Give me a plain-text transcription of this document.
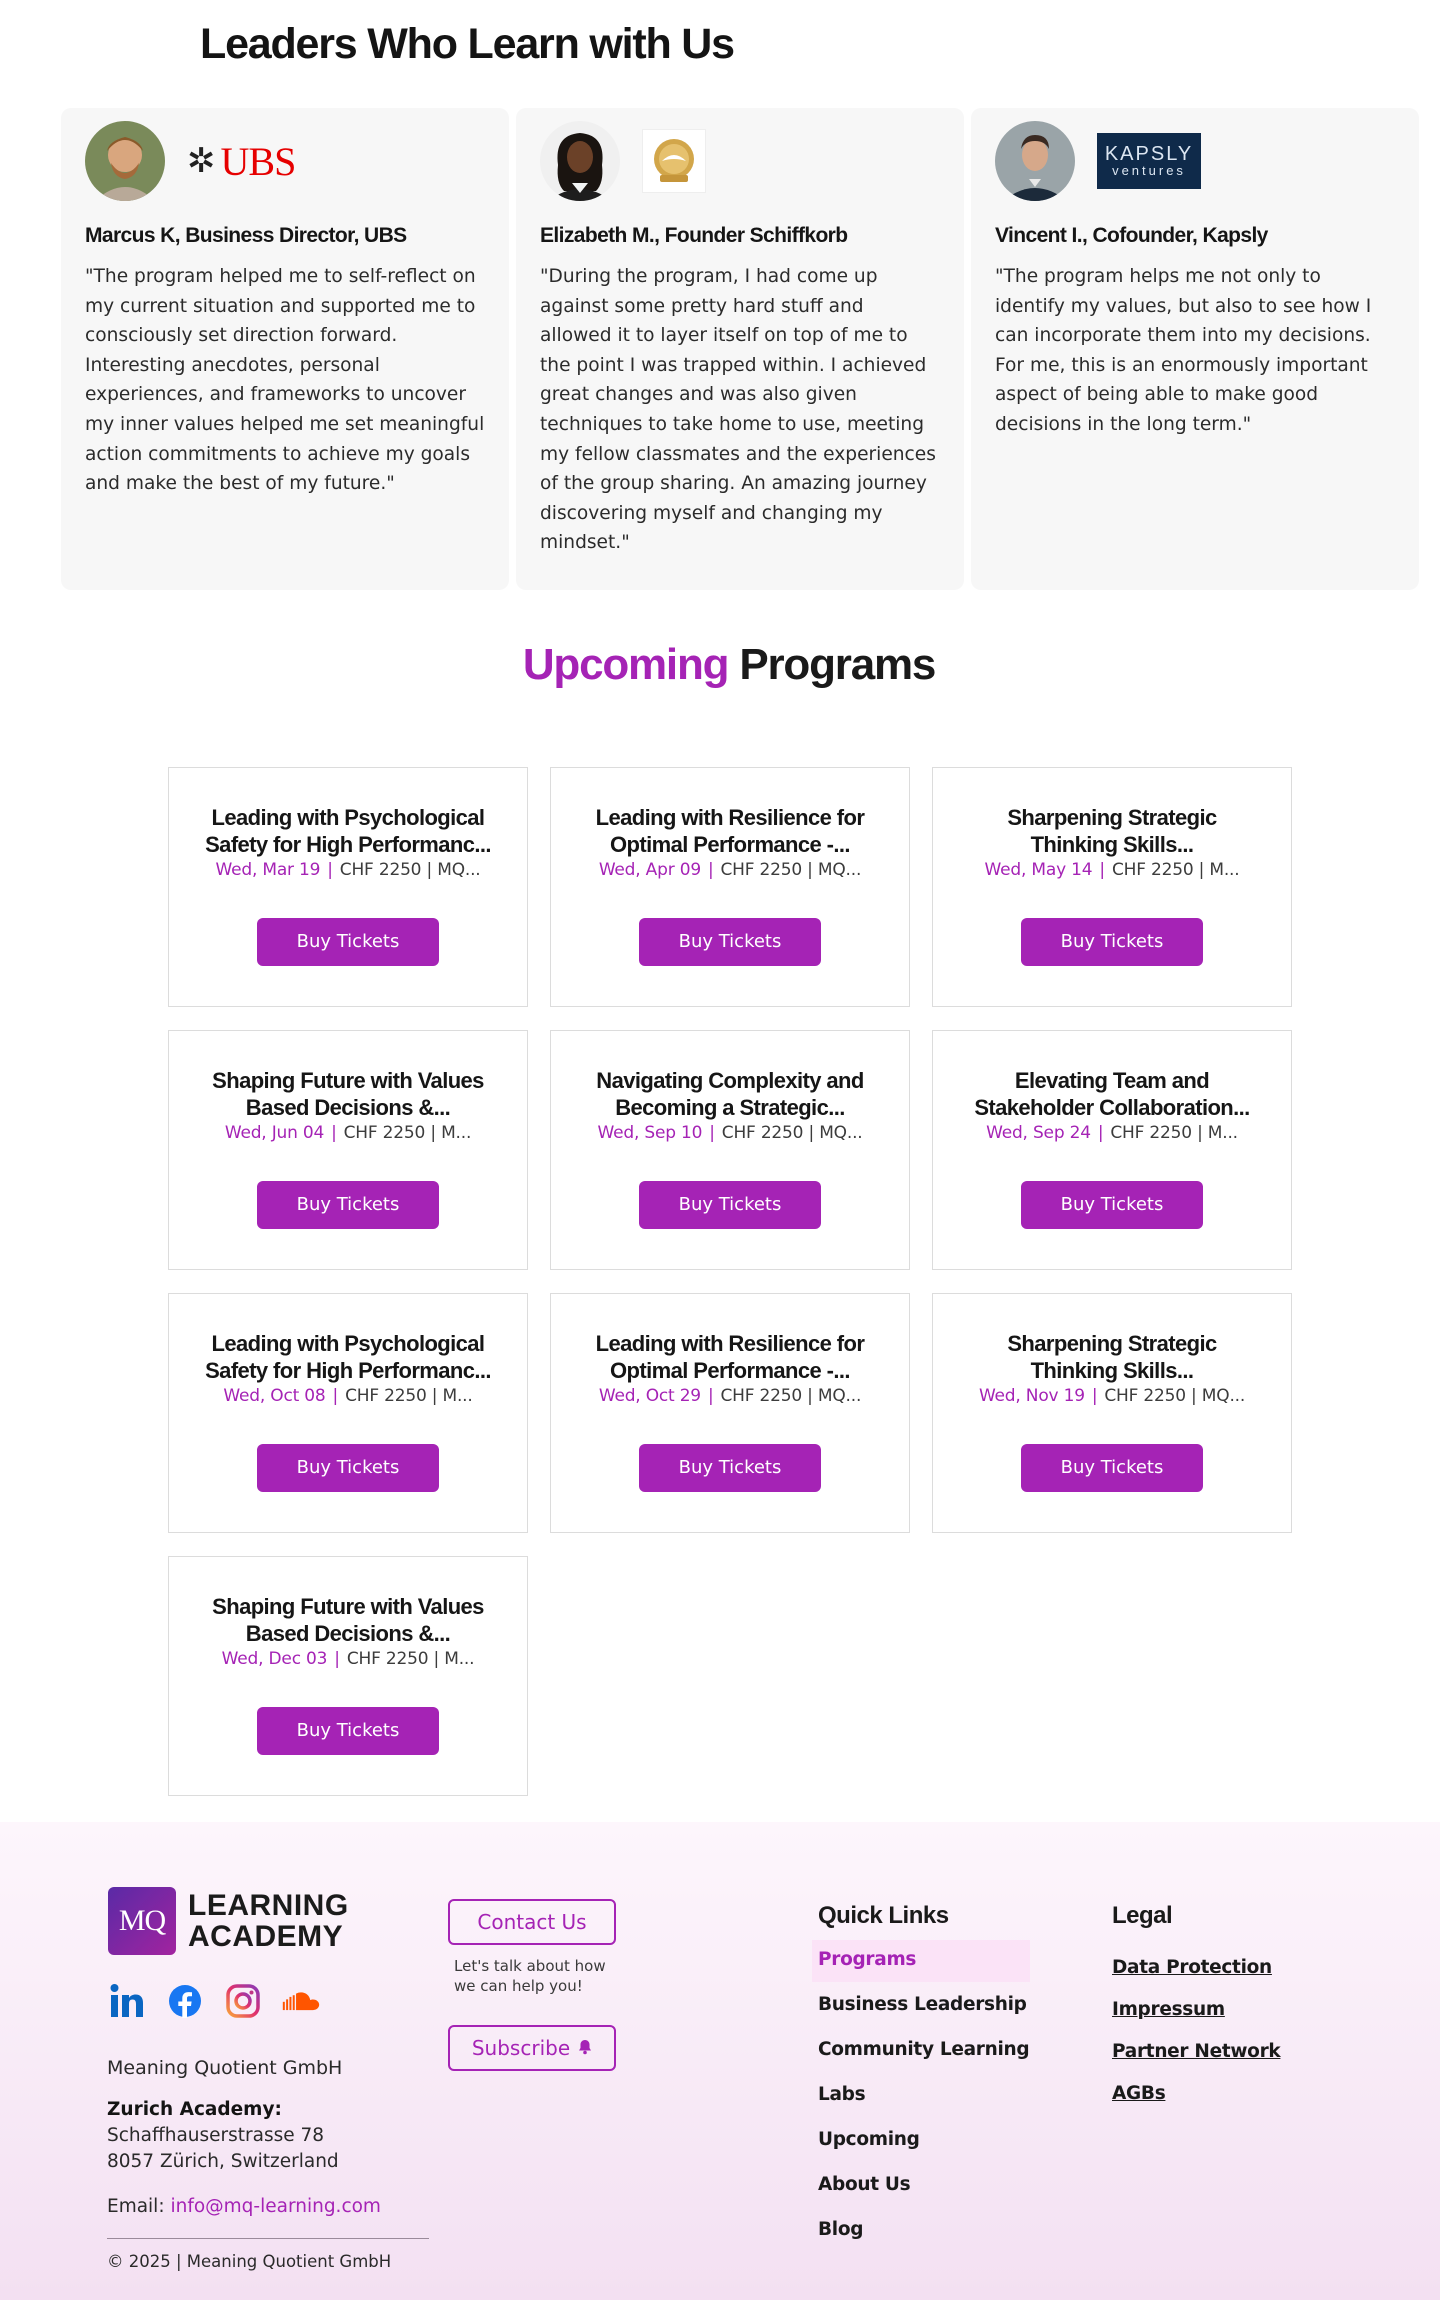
Leaders Who Learn with Us
✲ UBS
Marcus K, Business Director, UBS

"The program helped me to self-reflect on my current situation and supported me to consciously set direction forward. Interesting anecdotes, personal experiences, and frameworks to uncover my inner values helped me set meaningful action commitments to achieve my goals and make the best of my future."

Elizabeth M., Founder Schiffkorb

"During the program, I had come up against some pretty hard stuff and allowed it to layer itself on top of me to the point I was trapped within. I achieved great changes and was also given techniques to take home to use, meeting my fellow classmates and the experiences of the group sharing. An amazing journey discovering myself and changing my mindset."

KAPSLY
ventures
Vincent I., Cofounder, Kapsly

"The program helps me not only to identify my values, but also to see how I can incorporate them into my decisions. For me, this is an enormously important aspect of being able to make good decisions in the long term."

Upcoming Programs
Leading with Psychological
Safety for High Performanc...
Wed, Mar 19 | CHF 2250 | MQ...
Buy Tickets
Leading with Resilience for
Optimal Performance -...
Wed, Apr 09 | CHF 2250 | MQ...
Buy Tickets
Sharpening Strategic
Thinking Skills...
Wed, May 14 | CHF 2250 | M...
Buy Tickets
Shaping Future with Values
Based Decisions &...
Wed, Jun 04 | CHF 2250 | M...
Buy Tickets
Navigating Complexity and
Becoming a Strategic...
Wed, Sep 10 | CHF 2250 | MQ...
Buy Tickets
Elevating Team and
Stakeholder Collaboration...
Wed, Sep 24 | CHF 2250 | M...
Buy Tickets
Leading with Psychological
Safety for High Performanc...
Wed, Oct 08 | CHF 2250 | M...
Buy Tickets
Leading with Resilience for
Optimal Performance -...
Wed, Oct 29 | CHF 2250 | MQ...
Buy Tickets
Sharpening Strategic
Thinking Skills...
Wed, Nov 19 | CHF 2250 | MQ...
Buy Tickets
Shaping Future with Values
Based Decisions &...
Wed, Dec 03 | CHF 2250 | M...
Buy Tickets
MQ LEARNING
ACADEMY
Meaning Quotient GmbH
Zurich Academy:
Schaffhauserstrasse 78
8057 Zürich, Switzerland
Email: info@mq-learning.com
© 2025 | Meaning Quotient GmbH
Contact Us
Let's talk about how
we can help you!
Subscribe
Quick Links
Programs
Business Leadership
Community Learning
Labs
Upcoming
About Us
Blog
Legal
Data Protection
Impressum
Partner Network
AGBs
